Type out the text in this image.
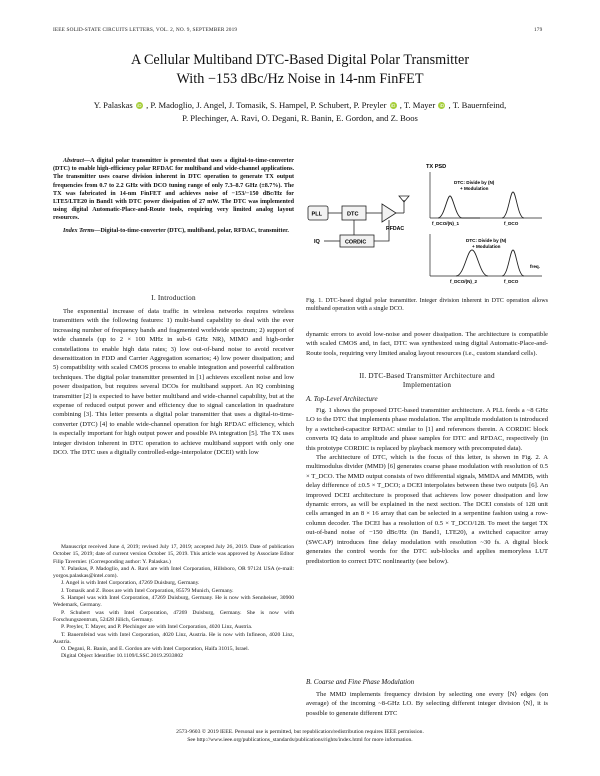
IEEE SOLID-STATE CIRCUITS LETTERS, VOL. 2, NO. 9, SEPTEMBER 2019	179
A Cellular Multiband DTC-Based Digital Polar Transmitter
With −153 dBc/Hz Noise in 14-nm FinFET
Y. Palaskas iD , P. Madoglio, J. Angel, J. Tomasik, S. Hampel, P. Schubert, P. Preyler iD , T. Mayer iD , T. Bauernfeind,
P. Plechinger, A. Ravi, O. Degani, R. Banin, E. Gordon, and Z. Boos
Abstract—A digital polar transmitter is presented that uses a digital-to-time-converter (DTC) to enable high-efficiency polar RFDAC for multiband and wide-channel applications. The transmitter uses coarse division inherent in DTC operation to generate TX output frequencies from 0.7 to 2.2 GHz with DCO tuning range of only 7.3–8.7 GHz (±8.7%). The TX was fabricated in 14-nm FinFET and achieves noise of −153/−150 dBc/Hz for LTE5/LTE20 in Band1 with DTC power dissipation of 27 mW. The DTC was implemented using digital Automatic-Place-and-Route tools, requiring very limited analog layout resources.
Index Terms—Digital-to-time-converter (DTC), multiband, polar, RFDAC, transmitter.
I. Introduction

The exponential increase of data traffic in wireless networks requires wireless transmitters with the following features: 1) multi-band capability to deal with the ever increasing number of frequency bands and fragmented worldwide spectrum; 2) support of wide channels (up to 2 × 100 MHz in sub-6 GHz NR), MIMO and high-order constellations to enable high data rates; 3) low out-of-band noise to avoid receiver desensitization in FDD and Carrier Aggregation scenarios; 4) low power dissipation; and 5) compatibility with scaled CMOS process to enable integration and powerful calibration techniques. The digital polar transmitter presented in [1] achieves excellent noise and low power dissipation, but requires several DCOs for multiband support. An IQ combining transmitter [2] is expected to have better multiband and wide-channel capability, but at the expense of reduced output power and efficiency due to signal cancelation in quadrature combining [3]. This letter presents a digital polar transmitter that uses a digital-to-time-converter (DTC) [4] to enable wide-channel operation for high RFDAC efficiency, which is especially important for high output power and possible PA integration [5]. The TX uses integer division inherent in DTC operation to achieve multiband support with only one DCO. The DTC uses a digitally controlled-edge-interpolator (DCEI) with low

Manuscript received June 4, 2019; revised July 17, 2019; accepted July 26, 2019. Date of publication October 15, 2019; date of current version October 15, 2019. This article was approved by Associate Editor Filip Tavernier. (Corresponding author: Y. Palaskas.)

Y. Palaskas, P. Madoglio, and A. Ravi are with Intel Corporation, Hillsboro, OR 97124 USA (e-mail: yorgos.palaskas@intel.com).

J. Angel is with Intel Corporation, 47269 Duisburg, Germany.

J. Tomasik and Z. Boos are with Intel Corporation, 85579 Munich, Germany.

S. Hampel was with Intel Corporation, 47269 Duisburg, Germany. He is now with Sennheiser, 30900 Wedemark, Germany.

P. Schubert was with Intel Corporation, 47269 Duisburg, Germany. She is now with Forschungszentrum, 52428 Jülich, Germany.

P. Preyler, T. Mayer, and P. Plechinger are with Intel Corporation, 4020 Linz, Austria.

T. Bauernfeind was with Intel Corporation, 4020 Linz, Austria. He is now with Infineon, 4020 Linz, Austria.

O. Degani, R. Banin, and E. Gordon are with Intel Corporation, Haifa 31015, Israel.

Digital Object Identifier 10.1109/LSSC.2019.2933802

TX PSD
PLL	DTC
RFDAC
IQ	CORDIC
DTC: Divide by (N)
+ Modulation
f_DCO/(N)_1	f_DCO
DTC: Divide by (N)
+ Modulation
f_DCO/(N)_2	f_DCO
freq.
Fig. 1. DTC-based digital polar transmitter. Integer division inherent in DTC operation allows multiband operation with a single DCO.

dynamic errors to avoid low-noise and power dissipation. The architecture is compatible with scaled CMOS and, in fact, DTC was synthesized using digital Automatic-Place-and-Route tools, requiring very limited analog layout resources (i.e., custom standard cells).

II. DTC-Based Transmitter Architecture and
Implementation
A. Top-Level Architecture

Fig. 1 shows the proposed DTC-based transmitter architecture. A PLL feeds a ~8 GHz LO to the DTC that implements phase modulation. The amplitude modulation is introduced by a switched-capacitor RFDAC similar to [1] and references therein. A CORDIC block converts IQ data to amplitude and phase samples for DTC and RFDAC, respectively (in this prototype CORDIC is replaced by playback memory with precomputed data).

The architecture of DTC, which is the focus of this letter, is shown in Fig. 2. A multimodulus divider (MMD) [6] generates coarse phase modulation with resolution of 0.5 × T_DCO. The MMD output consists of two differential signals, MMDA and MMDB, with delay difference of ±0.5 × T_DCO; a DCEI interpolates between these two outputs [6]. An improved DCEI architecture is proposed that achieves low power dissipation and low dynamic errors, as will be explained in the next section. The DCEI consists of 128 unit cells arranged in an 8 × 16 array that can be selected in a serpentine fashion using a row-column decoder. The DCEI has a resolution of 0.5 × T_DCO/128. To meet the target TX out-of-band noise of −150 dBc/Hz (in Band1, LTE20), a switched capacitor array (SWCAP) introduces fine delay modulation with resolution ~30 fs. A digital block generates the control words for the DTC sub-blocks and applies memoryless LUT predistortion to correct DTC nonlinearity (see below).

B. Coarse and Fine Phase Modulation

The MMD implements frequency division by selecting one every ⟨N⟩ edges (on average) of the incoming ~8-GHz LO. By selecting different integer division ⟨N⟩, it is possible to generate different DTC

2573-9603 © 2019 IEEE. Personal use is permitted, but republication/redistribution requires IEEE permission.
See http://www.ieee.org/publications_standards/publications/rights/index.html for more information.
